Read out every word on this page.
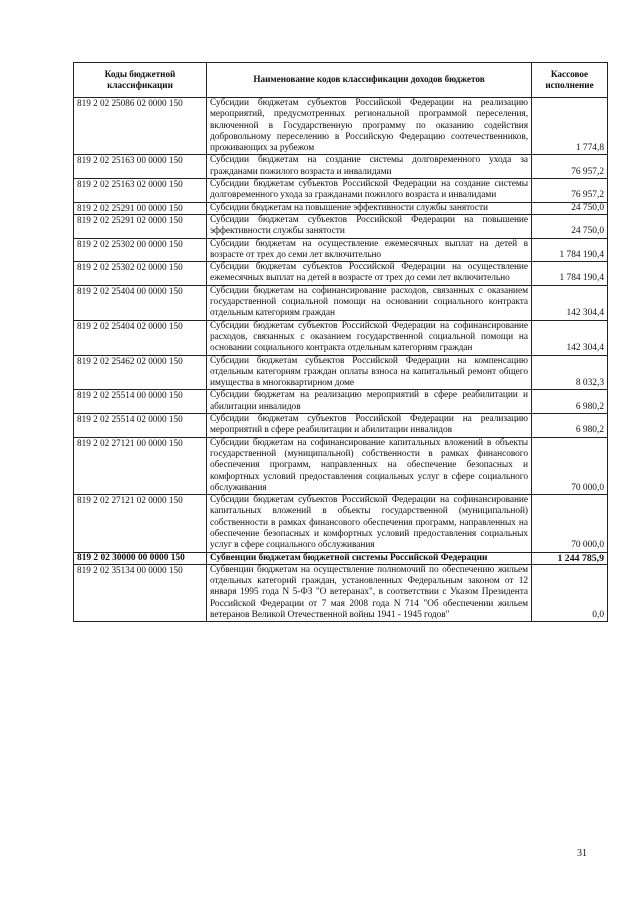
Коды бюджетной классификации	Наименование кодов классификации доходов бюджетов	Кассовое исполнение
819 2 02 25086 02 0000 150	Субсидии бюджетам субъектов Российской Федерации на реализацию мероприятий, предусмотренных региональной программой переселения, включенной в Государственную программу по оказанию содействия добровольному переселению в Российскую Федерацию соотечественников, проживающих за рубежом	1 774,8
819 2 02 25163 00 0000 150	Субсидии бюджетам на создание системы долговременного ухода за гражданами пожилого возраста и инвалидами	76 957,2
819 2 02 25163 02 0000 150	Субсидии бюджетам субъектов Российской Федерации на создание системы долговременного ухода за гражданами пожилого возраста и инвалидами	76 957,2
819 2 02 25291 00 0000 150	Субсидии бюджетам на повышение эффективности службы занятости	24 750,0
819 2 02 25291 02 0000 150	Субсидии бюджетам субъектов Российской Федерации на повышение эффективности службы занятости	24 750,0
819 2 02 25302 00 0000 150	Субсидии бюджетам на осуществление ежемесячных выплат на детей в возрасте от трех до семи лет включительно	1 784 190,4
819 2 02 25302 02 0000 150	Субсидии бюджетам субъектов Российской Федерации на осуществление ежемесячных выплат на детей в возрасте от трех до семи лет включительно	1 784 190,4
819 2 02 25404 00 0000 150	Субсидии бюджетам на софинансирование расходов, связанных с оказанием государственной социальной помощи на основании социального контракта отдельным категориям граждан	142 304,4
819 2 02 25404 02 0000 150	Субсидии бюджетам субъектов Российской Федерации на софинансирование расходов, связанных с оказанием государственной социальной помощи на основании социального контракта отдельным категориям граждан	142 304,4
819 2 02 25462 02 0000 150	Субсидии бюджетам субъектов Российской Федерации на компенсацию отдельным категориям граждан оплаты взноса на капитальный ремонт общего имущества в многоквартирном доме	8 032,3
819 2 02 25514 00 0000 150	Субсидии бюджетам на реализацию мероприятий в сфере реабилитации и абилитации инвалидов	6 980,2
819 2 02 25514 02 0000 150	Субсидии бюджетам субъектов Российской Федерации на реализацию мероприятий в сфере реабилитации и абилитации инвалидов	6 980,2
819 2 02 27121 00 0000 150	Субсидии бюджетам на софинансирование капитальных вложений в объекты государственной (муниципальной) собственности в рамках финансового обеспечения программ, направленных на обеспечение безопасных и комфортных условий предоставления социальных услуг в сфере социального обслуживания	70 000,0
819 2 02 27121 02 0000 150	Субсидии бюджетам субъектов Российской Федерации на софинансирование капитальных вложений в объекты государственной (муниципальной) собственности в рамках финансового обеспечения программ, направленных на обеспечение безопасных и комфортных условий предоставления социальных услуг в сфере социального обслуживания	70 000,0
819 2 02 30000 00 0000 150	Субвенции бюджетам бюджетной системы Российской Федерации	1 244 785,9
819 2 02 35134 00 0000 150	Субвенции бюджетам на осуществление полномочий по обеспечению жильем отдельных категорий граждан, установленных Федеральным законом от 12 января 1995 года N 5-ФЗ "О ветеранах", в соответствии с Указом Президента Российской Федерации от 7 мая 2008 года N 714 "Об обеспечении жильем ветеранов Великой Отечественной войны 1941 - 1945 годов"	0,0
31
